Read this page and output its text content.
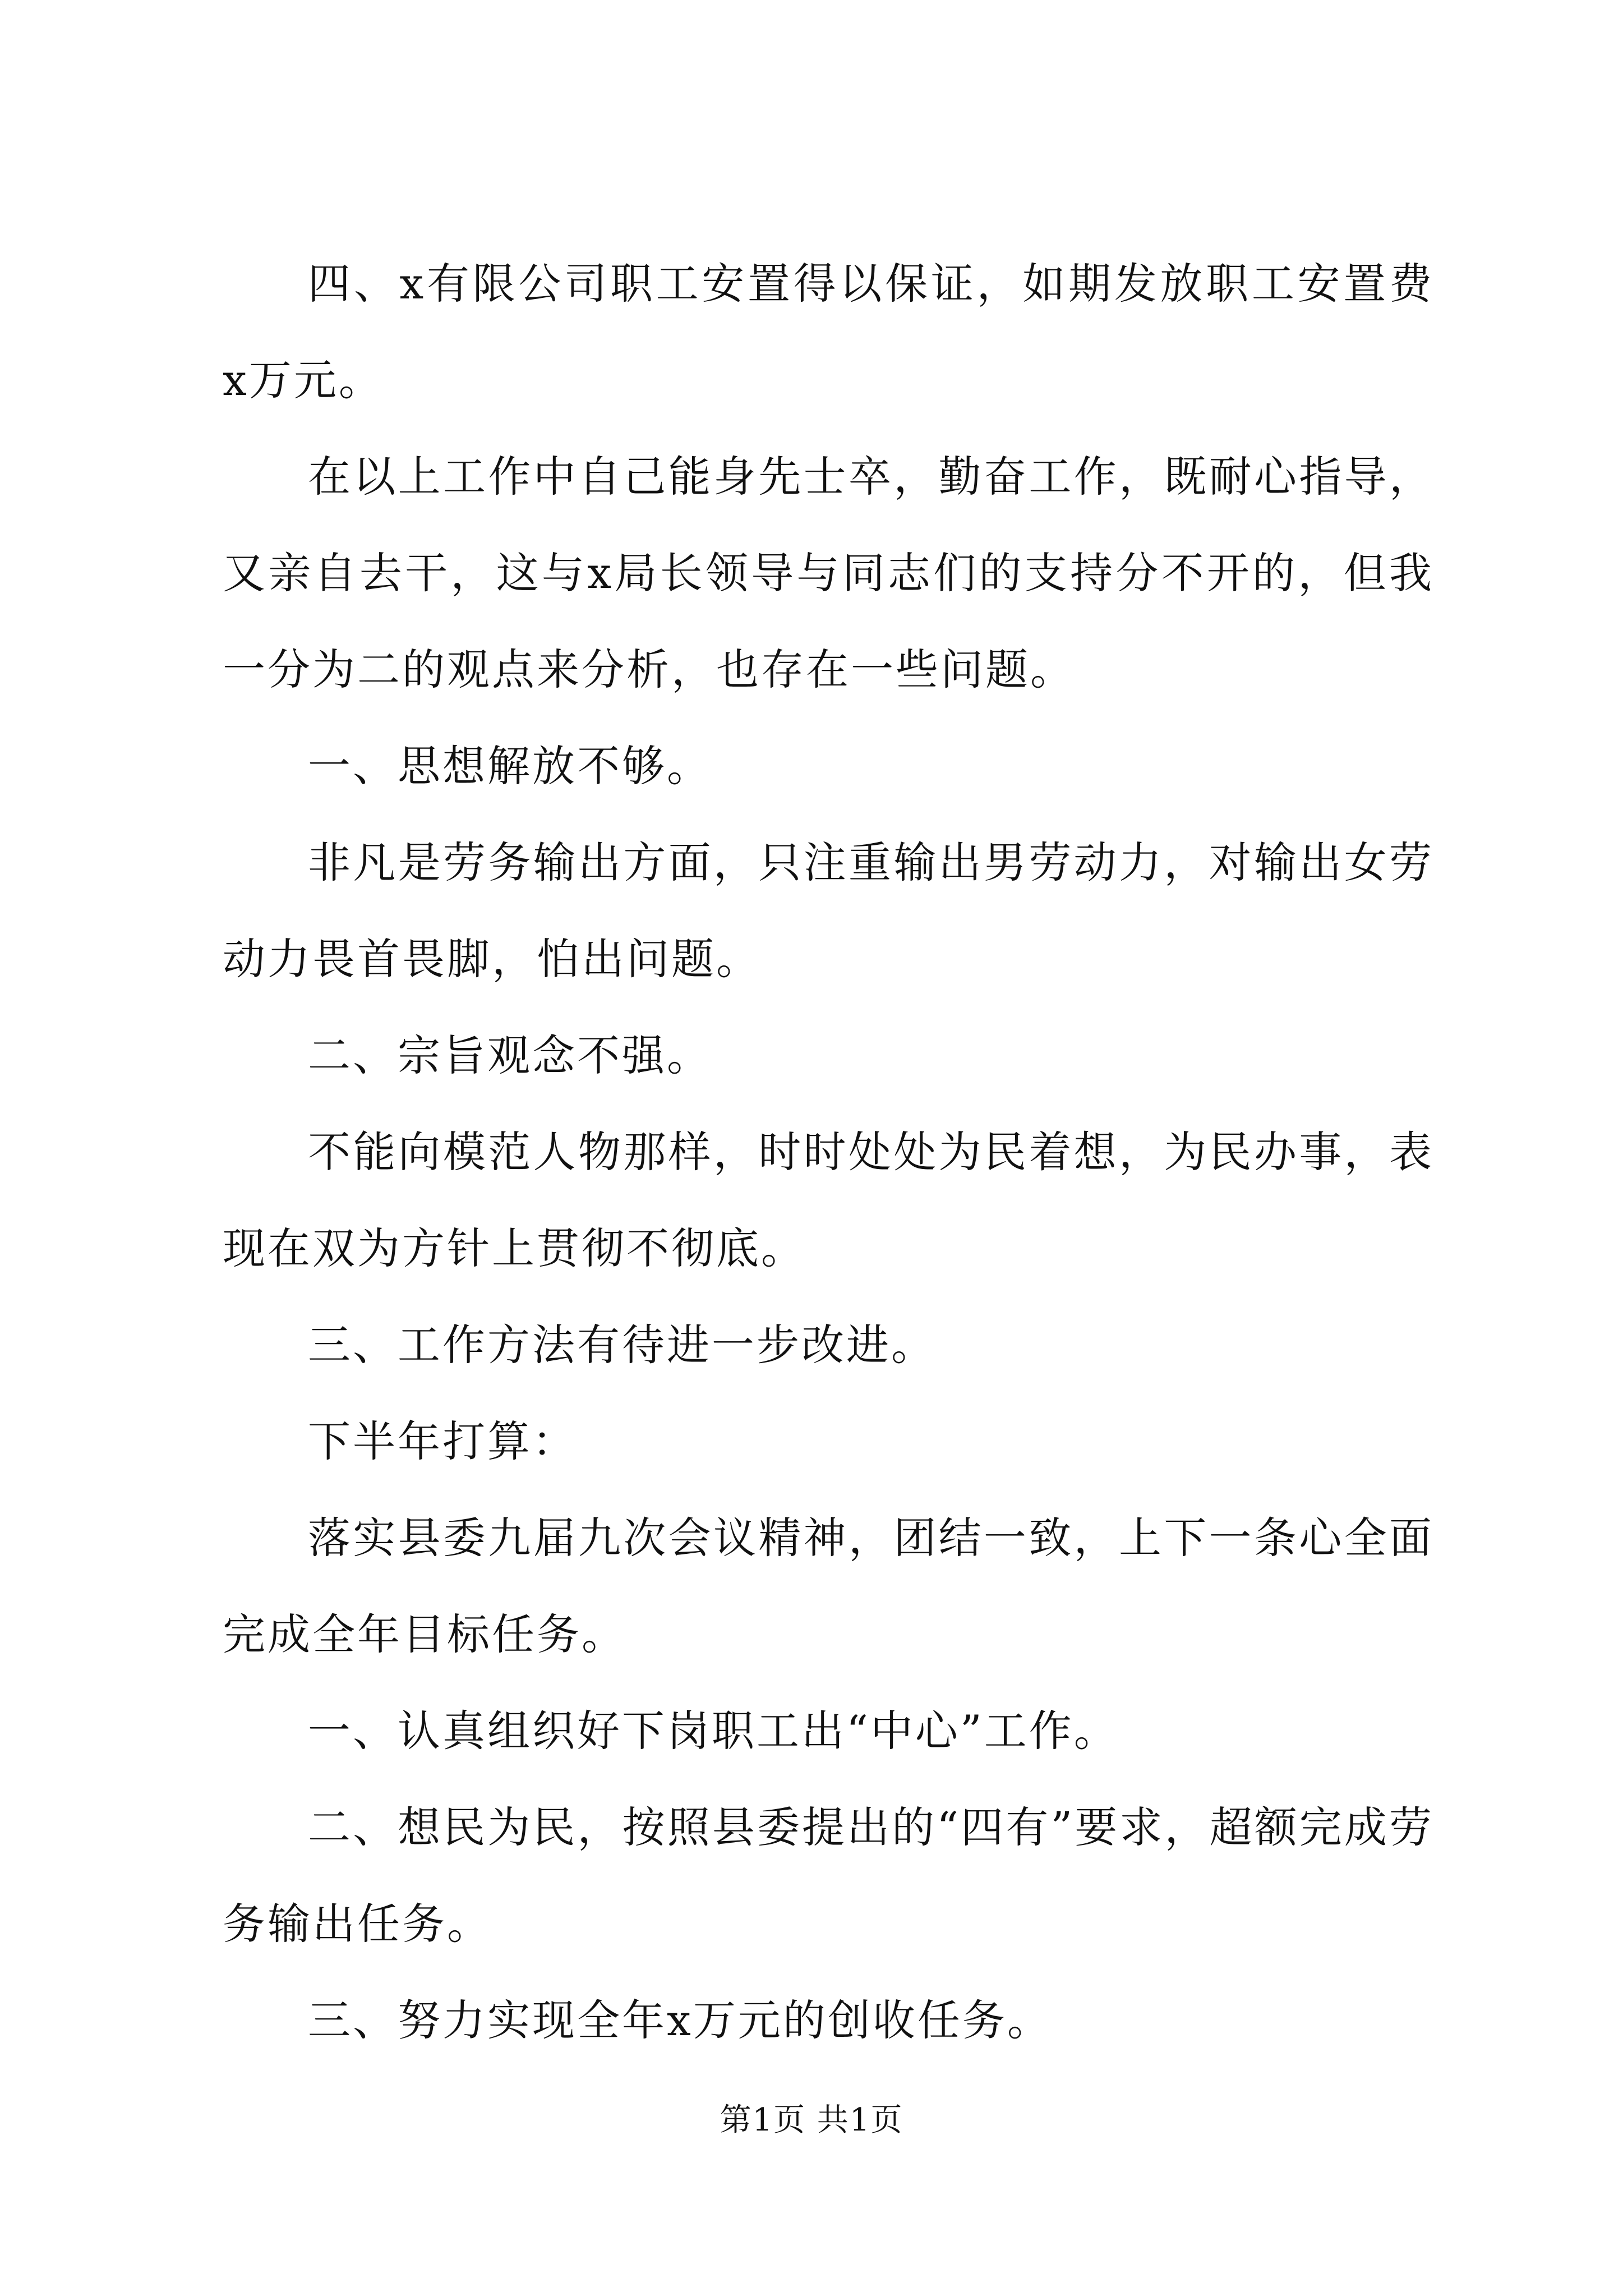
四、x有限公司职工安置得以保证，如期发放职工安置费x万元。

在以上工作中自己能身先士卒，勤奋工作，既耐心指导，又亲自去干，这与x局长领导与同志们的支持分不开的，但我一分为二的观点来分析，也存在一些问题。

一、思想解放不够。

非凡是劳务输出方面，只注重输出男劳动力，对输出女劳动力畏首畏脚，怕出问题。

二、宗旨观念不强。

不能向模范人物那样，时时处处为民着想，为民办事，表现在双为方针上贯彻不彻底。

三、工作方法有待进一步改进。

下半年打算：

落实县委九届九次会议精神，团结一致，上下一条心全面完成全年目标任务。

一、认真组织好下岗职工出“中心”工作。

二、想民为民，按照县委提出的“四有”要求，超额完成劳务输出任务。

三、努力实现全年x万元的创收任务。

第1页 共1页
